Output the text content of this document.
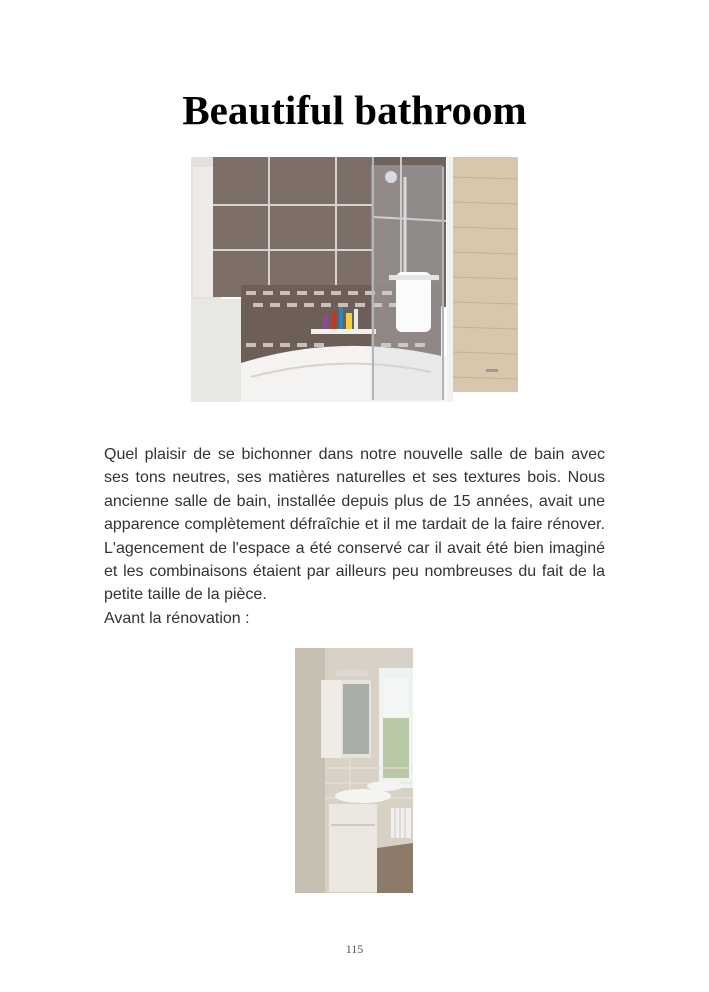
Beautiful bathroom

Quel plaisir de se bichonner dans notre nouvelle salle de bain avec ses tons neutres, ses matières naturelles et ses textures bois. Nous ancienne salle de bain, installée depuis plus de 15 années, avait une apparence complètement défraîchie et il me tardait de la faire rénover. L'agencement de l'espace a été conservé car il avait été bien imaginé et les combinaisons étaient par ailleurs peu nombreuses du fait de la petite taille de la pièce.

Avant la rénovation :

115
